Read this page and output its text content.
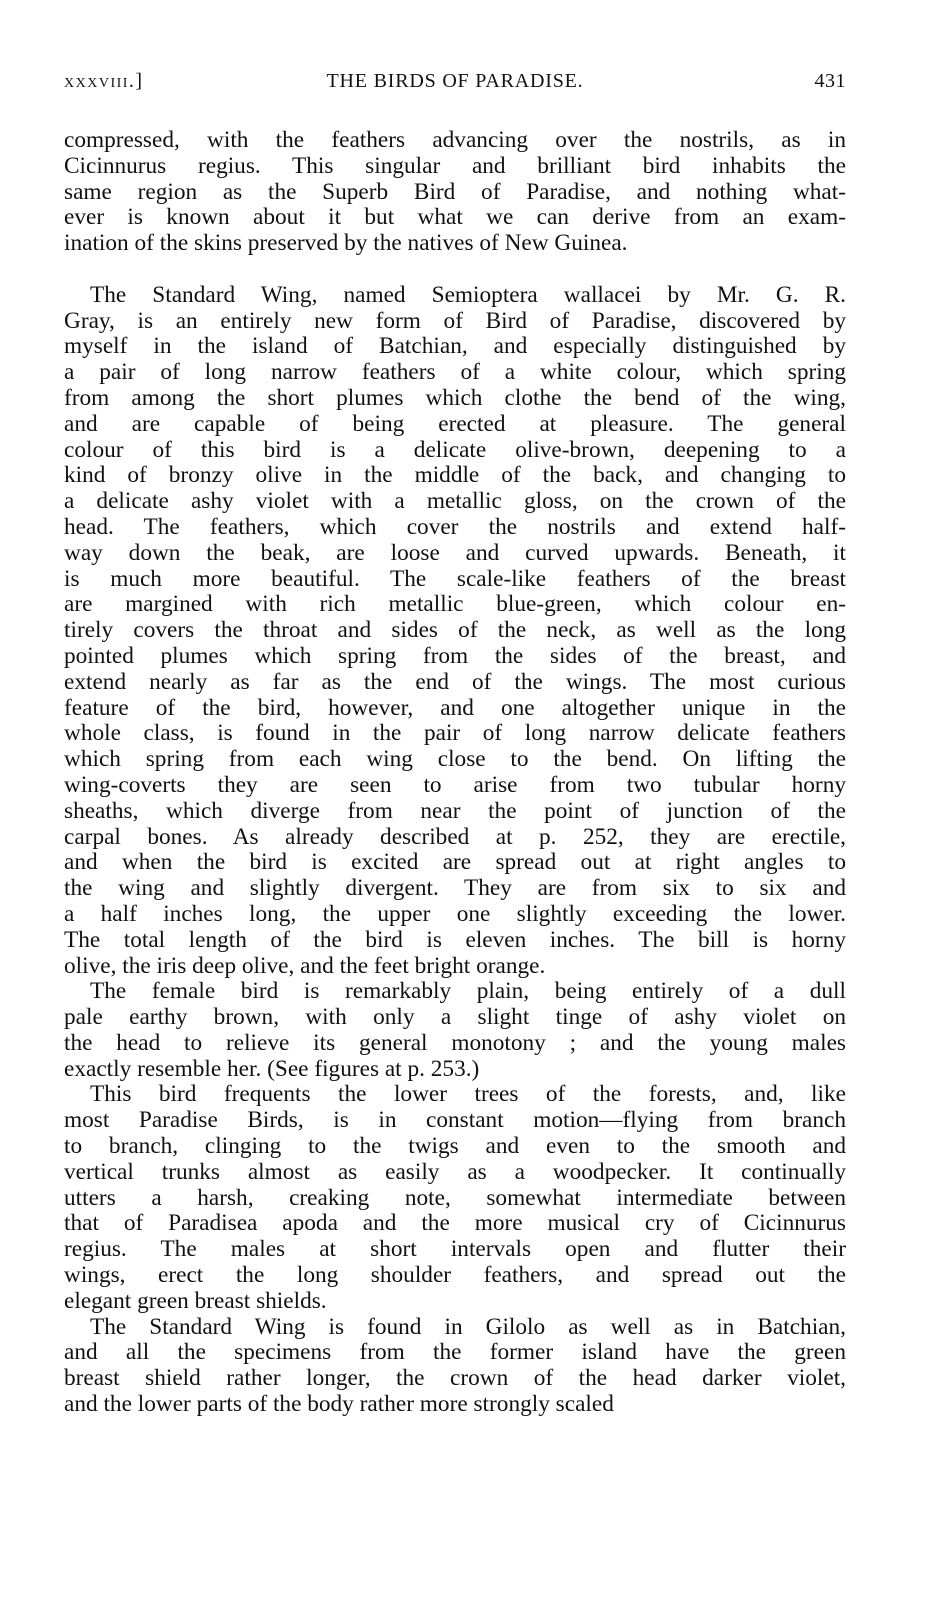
xxxviii.]	THE BIRDS OF PARADISE.	431
compressed, with the feathers advancing over the nostrils, as in
Cicinnurus regius. This singular and brilliant bird inhabits the
same region as the Superb Bird of Paradise, and nothing what-
ever is known about it but what we can derive from an exam-
ination of the skins preserved by the natives of New Guinea.
The Standard Wing, named Semioptera wallacei by Mr. G. R.
Gray, is an entirely new form of Bird of Paradise, discovered by
myself in the island of Batchian, and especially distinguished by
a pair of long narrow feathers of a white colour, which spring
from among the short plumes which clothe the bend of the wing,
and are capable of being erected at pleasure. The general
colour of this bird is a delicate olive-brown, deepening to a
kind of bronzy olive in the middle of the back, and changing to
a delicate ashy violet with a metallic gloss, on the crown of the
head. The feathers, which cover the nostrils and extend half-
way down the beak, are loose and curved upwards. Beneath, it
is much more beautiful. The scale-like feathers of the breast
are margined with rich metallic blue-green, which colour en-
tirely covers the throat and sides of the neck, as well as the long
pointed plumes which spring from the sides of the breast, and
extend nearly as far as the end of the wings. The most curious
feature of the bird, however, and one altogether unique in the
whole class, is found in the pair of long narrow delicate feathers
which spring from each wing close to the bend. On lifting the
wing-coverts they are seen to arise from two tubular horny
sheaths, which diverge from near the point of junction of the
carpal bones. As already described at p. 252, they are erectile,
and when the bird is excited are spread out at right angles to
the wing and slightly divergent. They are from six to six and
a half inches long, the upper one slightly exceeding the lower.
The total length of the bird is eleven inches. The bill is horny
olive, the iris deep olive, and the feet bright orange.
The female bird is remarkably plain, being entirely of a dull
pale earthy brown, with only a slight tinge of ashy violet on
the head to relieve its general monotony ; and the young males
exactly resemble her. (See figures at p. 253.)
This bird frequents the lower trees of the forests, and, like
most Paradise Birds, is in constant motion—flying from branch
to branch, clinging to the twigs and even to the smooth and
vertical trunks almost as easily as a woodpecker. It continually
utters a harsh, creaking note, somewhat intermediate between
that of Paradisea apoda and the more musical cry of Cicinnurus
regius. The males at short intervals open and flutter their
wings, erect the long shoulder feathers, and spread out the
elegant green breast shields.
The Standard Wing is found in Gilolo as well as in Batchian,
and all the specimens from the former island have the green
breast shield rather longer, the crown of the head darker violet,
and the lower parts of the body rather more strongly scaled
